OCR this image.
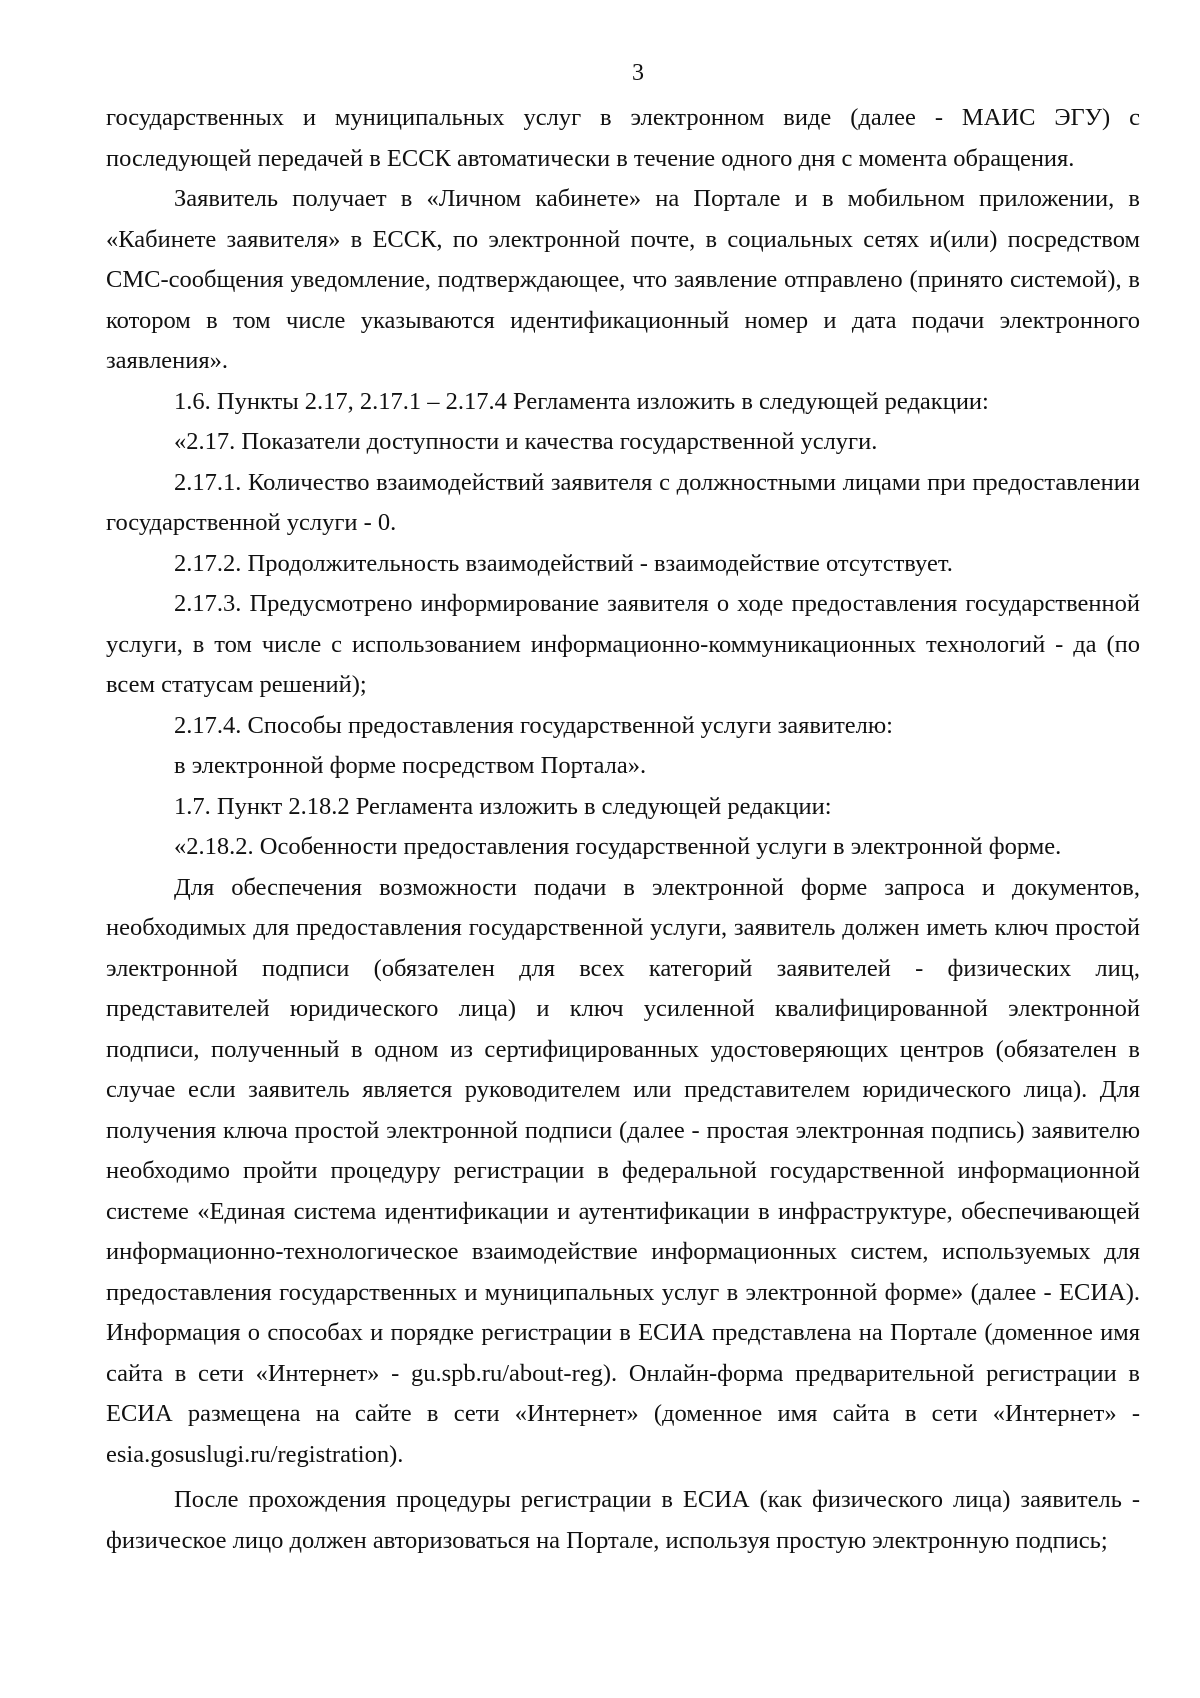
3

государственных и муниципальных услуг в электронном виде (далее - МАИС ЭГУ) с последующей передачей в ЕССК автоматически в течение одного дня с момента обращения.

Заявитель получает в «Личном кабинете» на Портале и в мобильном приложении, в «Кабинете заявителя» в ЕССК, по электронной почте, в социальных сетях и(или) посредством СМС-сообщения уведомление, подтверждающее, что заявление отправлено (принято системой), в котором в том числе указываются идентификационный номер и дата подачи электронного заявления».

1.6. Пункты 2.17, 2.17.1 – 2.17.4 Регламента изложить в следующей редакции:

«2.17. Показатели доступности и качества государственной услуги.

2.17.1. Количество взаимодействий заявителя с должностными лицами при предоставлении государственной услуги - 0.

2.17.2. Продолжительность взаимодействий - взаимодействие отсутствует.

2.17.3. Предусмотрено информирование заявителя о ходе предоставления государственной услуги, в том числе с использованием информационно-коммуникационных технологий - да (по всем статусам решений);

2.17.4. Способы предоставления государственной услуги заявителю:

в электронной форме посредством Портала».

1.7. Пункт 2.18.2 Регламента изложить в следующей редакции:

«2.18.2. Особенности предоставления государственной услуги в электронной форме.

Для обеспечения возможности подачи в электронной форме запроса и документов, необходимых для предоставления государственной услуги, заявитель должен иметь ключ простой электронной подписи (обязателен для всех категорий заявителей - физических лиц, представителей юридического лица) и ключ усиленной квалифицированной электронной подписи, полученный в одном из сертифицированных удостоверяющих центров (обязателен в случае если заявитель является руководителем или представителем юридического лица). Для получения ключа простой электронной подписи (далее - простая электронная подпись) заявителю необходимо пройти процедуру регистрации в федеральной государственной информационной системе «Единая система идентификации и аутентификации в инфраструктуре, обеспечивающей информационно-технологическое взаимодействие информационных систем, используемых для предоставления государственных и муниципальных услуг в электронной форме» (далее - ЕСИА). Информация о способах и порядке регистрации в ЕСИА представлена на Портале (доменное имя сайта в сети «Интернет» - gu.spb.ru/about-reg). Онлайн-форма предварительной регистрации в ЕСИА размещена на сайте в сети «Интернет» (доменное имя сайта в сети «Интернет» - esia.gosuslugi.ru/registration).

После прохождения процедуры регистрации в ЕСИА (как физического лица) заявитель - физическое лицо должен авторизоваться на Портале, используя простую электронную подпись;
